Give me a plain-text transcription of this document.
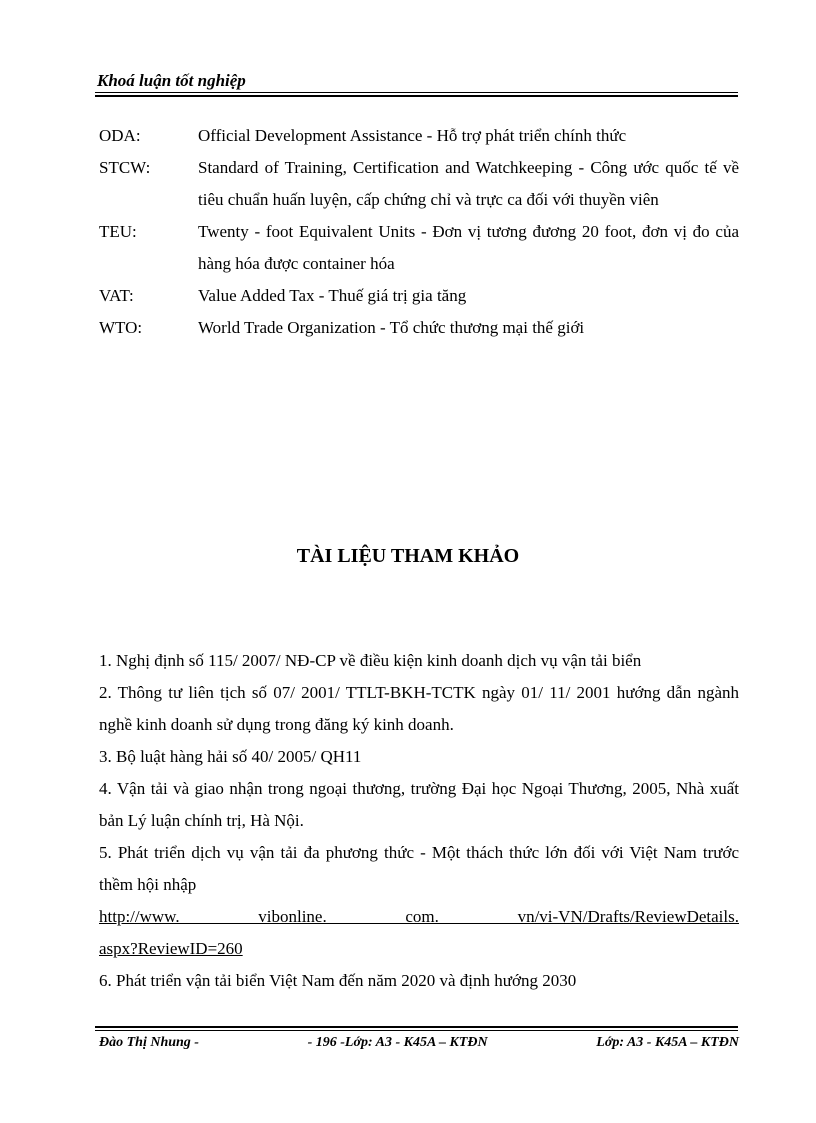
Khoá luận tốt nghiệp
ODA:	Official Development Assistance - Hỗ trợ phát triển chính thức
STCW:	Standard of Training, Certification and Watchkeeping - Công ước quốc tế về tiêu chuẩn huấn luyện, cấp chứng chỉ và trực ca đối với thuyền viên
TEU:	Twenty - foot Equivalent Units - Đơn vị tương đương 20 foot, đơn vị đo của hàng hóa được container hóa
VAT:	Value Added Tax - Thuế giá trị gia tăng
WTO:	World Trade Organization - Tổ chức thương mại thế giới
TÀI LIỆU THAM KHẢO

1. Nghị định số 115/ 2007/ NĐ-CP về điều kiện kinh doanh dịch vụ vận tải biển

2. Thông tư liên tịch số 07/ 2001/ TTLT-BKH-TCTK ngày 01/ 11/ 2001 hướng dẫn ngành nghề kinh doanh sử dụng trong đăng ký kinh doanh.

3. Bộ luật hàng hải số 40/ 2005/ QH11

4. Vận tải và giao nhận trong ngoại thương, trường Đại học Ngoại Thương, 2005, Nhà xuất bản Lý luận chính trị, Hà Nội.

5. Phát triển dịch vụ vận tải đa phương thức - Một thách thức lớn đối với Việt Nam trước thềm hội nhập

http://www. vibonline. com. vn/vi-VN/Drafts/ReviewDetails.
aspx?ReviewID=260

6. Phát triển vận tải biển Việt Nam đến năm 2020 và định hướng 2030

Đào Thị Nhung -	- 196 -Lớp: A3 - K45A – KTĐN	Lớp: A3 - K45A – KTĐN
